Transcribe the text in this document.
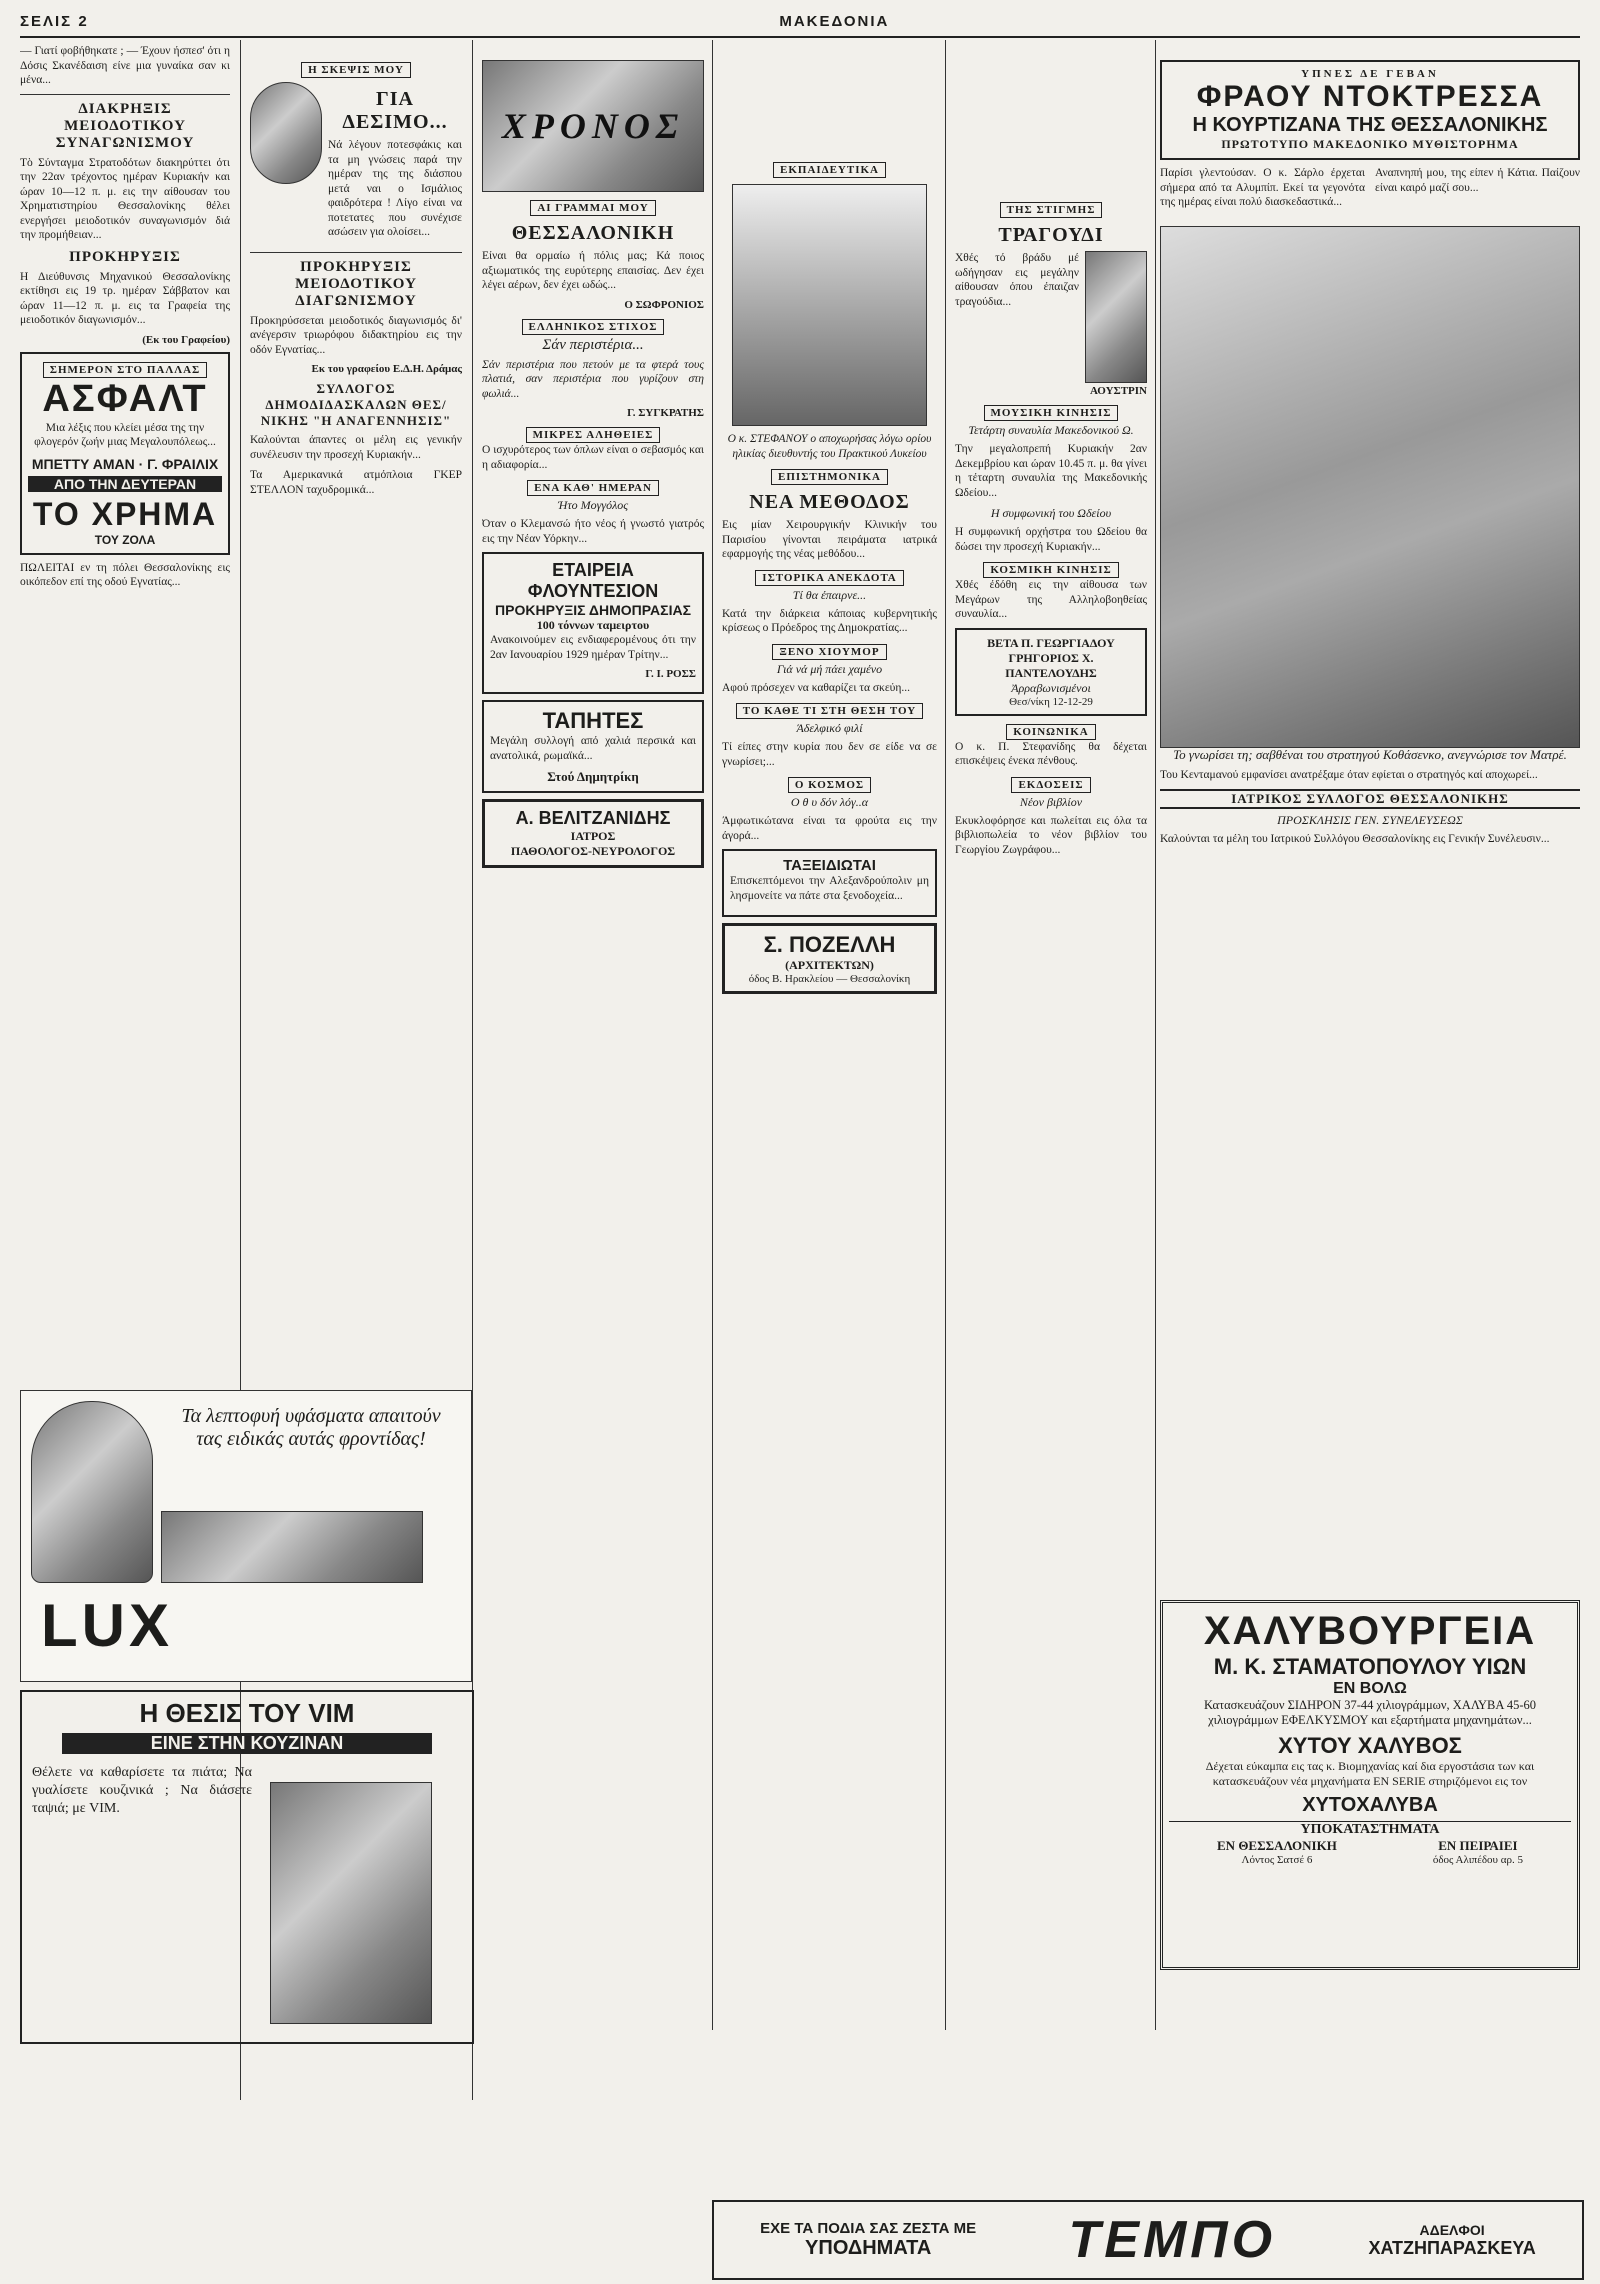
ΣΕΛΙΣ 2	ΜΑΚΕΔΟΝΙΑ

— Γιατί φοβήθηκατε ; — Έχουν ήσπεσ' ότι η Δόσις Σκανέδαιση είνε μια γυναίκα σαν κι μένα...

ΔΙΑΚΡΗΞΙΣ ΜΕΙΟΔΟΤΙΚΟΥ ΣΥΝΑΓΩΝΙΣΜΟΥ

Τὸ Σύνταγμα Στρατοδότων διακηρύττει ότι την 22αν τρέχοντος ημέραν Κυριακήν και ώραν 10—12 π. μ. εις την αίθουσαν του Χρηματιστηρίου Θεσσαλονίκης θέλει ενεργήσει μειοδοτικόν συναγωνισμόν διά την προμήθειαν...

ΠΡΟΚΗΡΥΞΙΣ

Η Διεύθυνσις Μηχανικού Θεσσαλονίκης εκτίθησι εις 19 τρ. ημέραν Σάββατον και ώραν 11—12 π. μ. εις τα Γραφεία της μειοδοτικόν διαγωνισμόν...

(Εκ του Γραφείου)
ΣΗΜΕΡΟΝ ΣΤΟ ΠΑΛΛΑΣ
ΑΣΦΑΛΤ

Μια λέξις που κλείει μέσα της την φλογερόν ζωήν μιας Μεγαλουπόλεως...

ΜΠΕΤΤΥ ΑΜΑΝ · Γ. ΦΡΑΙΛΙΧ
ΑΠΟ ΤΗΝ ΔΕΥΤΕΡΑΝ
ΤΟ ΧΡΗΜΑ
ΤΟΥ ΖΟΛΑ

ΠΩΛΕΙΤΑΙ εν τη πόλει Θεσσαλονίκης εις οικόπεδον επί της οδού Εγνατίας...

Η ΣΚΕΨΙΣ ΜΟΥ
ΓΙΑ ΔΕΣΙΜΟ...

Νά λέγουν ποτεσφάκις και τα μη γνώσεις παρά την ημέραν της της διάσπου μετά ναι ο Ισμάλιος φαιδρότερα ! Λίγο είναι να ποτετατες που συνέχισε ασώσειν για ολοίσει...

ΠΡΟΚΗΡΥΞΙΣ ΜΕΙΟΔΟΤΙΚΟΥ ΔΙΑΓΩΝΙΣΜΟΥ

Προκηρύσσεται μειοδοτικός διαγωνισμός δι' ανέγερσιν τριωρόφου διδακτηρίου εις την οδόν Εγνατίας...

Εκ του γραφείου Ε.Δ.Η. Δράμας
ΣΥΛΛΟΓΟΣ ΔΗΜΟΔΙΔΑΣΚΑΛΩΝ ΘΕΣ/ΝΙΚΗΣ "Η ΑΝΑΓΕΝΝΗΣΙΣ"

Καλούνται άπαντες οι μέλη εις γενικήν συνέλευσιν την προσεχή Κυριακήν...

Τα Αμερικανικά ατμόπλοια ΓΚΕΡ ΣΤΕΛΛΟΝ ταχυδρομικά...

Τα λεπτοφυή υφάσματα απαιτούν τας ειδικάς αυτάς φροντίδας!
LUX
Η ΘΕΣΙΣ ΤΟΥ VIM
ΕΙΝΕ ΣΤΗΝ ΚΟΥΖΙΝΑΝ

Θέλετε να καθαρίσετε τα πιάτα; Να γυαλίσετε κουζινικά ; Να διάσετε ταψιά; με VIM.

ΧΡΟΝΟΣ
ΑΙ ΓΡΑΜΜΑΙ ΜΟΥ
ΘΕΣΣΑΛΟΝΙΚΗ

Είναι θα ορμαίω ή πόλις μας; Κά ποιος αξιωματικός της ευρύτερης επαισίας. Δεν έχει λέγει αέρων, δεν έχει ωδώς...

Ο ΣΩΦΡΟΝΙΟΣ
ΕΛΛΗΝΙΚΟΣ ΣΤΙΧΟΣ
Σάν περιστέρια...

Σάν περιστέρια που πετούν με τα φτερά τους πλατιά, σαν περιστέρια που γυρίζουν στη φωλιά...

Γ. ΣΥΓΚΡΑΤΗΣ
ΜΙΚΡΕΣ ΑΛΗΘΕΙΕΣ

Ο ισχυρότερος των όπλων είναι ο σεβασμός και η αδιαφορία...

ΕΝΑ ΚΑΘ' ΗΜΕΡΑΝ
Ήτο Μογγόλος

Όταν ο Κλεμανσώ ήτο νέος ή γνωστό γιατρός εις την Νέαν Υόρκην...

ΕΤΑΙΡΕΙΑ ΦΛΟΥΝΤΕΣΙΟΝ
ΠΡΟΚΗΡΥΞΙΣ ΔΗΜΟΠΡΑΣΙΑΣ
100 τόννων ταμειρτου

Ανακοινούμεν εις ενδιαφερομένους ότι την 2αν Ιανουαρίου 1929 ημέραν Τρίτην...

Γ. Ι. ΡΟΣΣ
ΤΑΠΗΤΕΣ

Μεγάλη συλλογή από χαλιά περσικά και ανατολικά, ρωμαϊκά...

Στού Δημητρίκη
Α. ΒΕΛΙΤΖΑΝΙΔΗΣ
ΙΑΤΡΟΣ
ΠΑΘΟΛΟΓΟΣ-ΝΕΥΡΟΛΟΓΟΣ
ΕΚΠΑΙΔΕΥΤΙΚΑ

Ο κ. ΣΤΕΦΑΝΟΥ ο αποχωρήσας λόγω ορίου ηλικίας διευθυντής του Πρακτικού Λυκείου

ΕΠΙΣΤΗΜΟΝΙΚΑ
ΝΕΑ ΜΕΘΟΔΟΣ

Εις μίαν Χειρουργικήν Κλινικήν του Παρισίου γίνονται πειράματα ιατρικά εφαρμογής της νέας μεθόδου...

ΙΣΤΟΡΙΚΑ ΑΝΕΚΔΟΤΑ
Τί θα έπαιρνε...

Κατά την διάρκεια κάποιας κυβερνητικής κρίσεως ο Πρόεδρος της Δημοκρατίας...

ΞΕΝΟ ΧΙΟΥΜΟΡ
Γιά νά μή πάει χαμένο

Αφού πρόσεχεν να καθαρίζει τα σκεύη...

ΤΟ ΚΑΘΕ ΤΙ ΣΤΗ ΘΕΣΗ ΤΟΥ
Άδελφικό φιλί

Τί είπες στην κυρία που δεν σε είδε να σε γνωρίσει;...

Ο ΚΟΣΜΟΣ
Ο θ υ δόν λόγ..α

Άμφωτικώτανα είναι τα φρούτα εις την άγορά...

ΤΑΞΕΙΔΙΩΤΑΙ

Επισκεπτόμενοι την Αλεξανδρούπολιν μη λησμονείτε να πάτε στα ξενοδοχεία...

Σ. ΠΟΖΕΛΛΗ
(ΑΡΧΙΤΕΚΤΩΝ)
όδος Β. Ηρακλείου — Θεσσαλονίκη
ΤΗΣ ΣΤΙΓΜΗΣ
ΤΡΑΓΟΥΔΙ

Χθές τό βράδυ μέ ωδήγησαν εις μεγάλην αίθουσαν όπου έπαιζαν τραγούδια...

ΑΟΥΣΤΡΙΝ
ΜΟΥΣΙΚΗ ΚΙΝΗΣΙΣ
Τετάρτη συναυλία Μακεδονικού Ω.

Την μεγαλοπρεπή Κυριακήν 2αν Δεκεμβρίου και ώραν 10.45 π. μ. θα γίνει η τέταρτη συναυλία της Μακεδονικής Ωδείου...

Η συμφωνική του Ωδείου

Η συμφωνική ορχήστρα του Ωδείου θα δώσει την προσεχή Κυριακήν...

ΚΟΣΜΙΚΗ ΚΙΝΗΣΙΣ

Χθές έδόθη εις την αίθουσα των Μεγάρων της Αλληλοβοηθείας συναυλία...

ΒΕΤΑ Π. ΓΕΩΡΓΙΑΔΟΥ
ΓΡΗΓΟΡΙΟΣ Χ. ΠΑΝΤΕΛΟΥΔΗΣ
Ἀρραβωνισμένοι
Θεσ/νίκη 12-12-29
ΚΟΙΝΩΝΙΚΑ

Ο κ. Π. Στεφανίδης θα δέχεται επισκέψεις ένεκα πένθους.

ΕΚΔΟΣΕΙΣ
Νέον βιβλίον

Εκυκλοφόρησε και πωλείται εις όλα τα βιβλιοπωλεία το νέον βιβλίον του Γεωργίου Ζωγράφου...

ΥΠΝΕΣ ΔΕ ΓΕΒΑΝ
ΦΡΑΟΥ ΝΤΟΚΤΡΕΣΣΑ
Η ΚΟΥΡΤΙΖΑΝΑ ΤΗΣ ΘΕΣΣΑΛΟΝΙΚΗΣ
ΠΡΩΤΟΤΥΠΟ ΜΑΚΕΔΟΝΙΚΟ ΜΥΘΙΣΤΟΡΗΜΑ

Παρίσι γλεντούσαν. Ο κ. Σάρλο έρχεται σήμερα από τα Αλυμπίπ. Εκεί τα γεγονότα της ημέρας είναι πολύ διασκεδαστικά...

Αναπνηπή μου, της είπεν ή Κάτια. Παίζουν είναι καιρό μαζί σου...

Το γνωρίσει τη; σαβθέναι του στρατηγού Κοθάσενκο, ανεγνώρισε τον Ματρέ.

Του Κενταμανού εμφανίσει ανατρέξαμε όταν εφίεται ο στρατηγός καί αποχωρεί...

ΙΑΤΡΙΚΟΣ ΣΥΛΛΟΓΟΣ ΘΕΣΣΑΛΟΝΙΚΗΣ
ΠΡΟΣΚΛΗΣΙΣ ΓΕΝ. ΣΥΝΕΛΕΥΣΕΩΣ

Καλούνται τα μέλη του Ιατρικού Συλλόγου Θεσσαλονίκης εις Γενικήν Συνέλευσιν...

ΧΑΛΥΒΟΥΡΓΕΙΑ
Μ. Κ. ΣΤΑΜΑΤΟΠΟΥΛΟΥ ΥΙΩΝ
ΕΝ ΒΟΛΩ

Κατασκευάζουν ΣΙΔΗΡΟΝ 37-44 χιλιογράμμων, ΧΑΛΥΒΑ 45-60 χιλιογράμμων ΕΦΕΛΚΥΣΜΟΥ και εξαρτήματα μηχανημάτων...

ΧΥΤΟΥ ΧΑΛΥΒΟΣ

Δέχεται εύκαμπα εις τας κ. Βιομηχανίας καί δια εργοστάσια των και κατασκευάζουν νέα μηχανήματα EN SERIE στηριζόμενοι εις τον

ΧΥΤΟΧΑΛΥΒΑ
ΥΠΟΚΑΤΑΣΤΗΜΑΤΑ
ΕΝ ΘΕΣΣΑΛΟΝΙΚΗ
Λόντος Σατσέ 6
ΕΝ ΠΕΙΡΑΙΕΙ
όδος Αλιπέδου αρ. 5
ΕΧΕ ΤΑ ΠΟΔΙΑ ΣΑΣ ΖΕΣΤΑ ΜΕ
ΥΠΟΔΗΜΑΤΑ	ΤΕΜΠΟ	ΑΔΕΛΦΟΙ
ΧΑΤΖΗΠΑΡΑΣΚΕΥΑ
